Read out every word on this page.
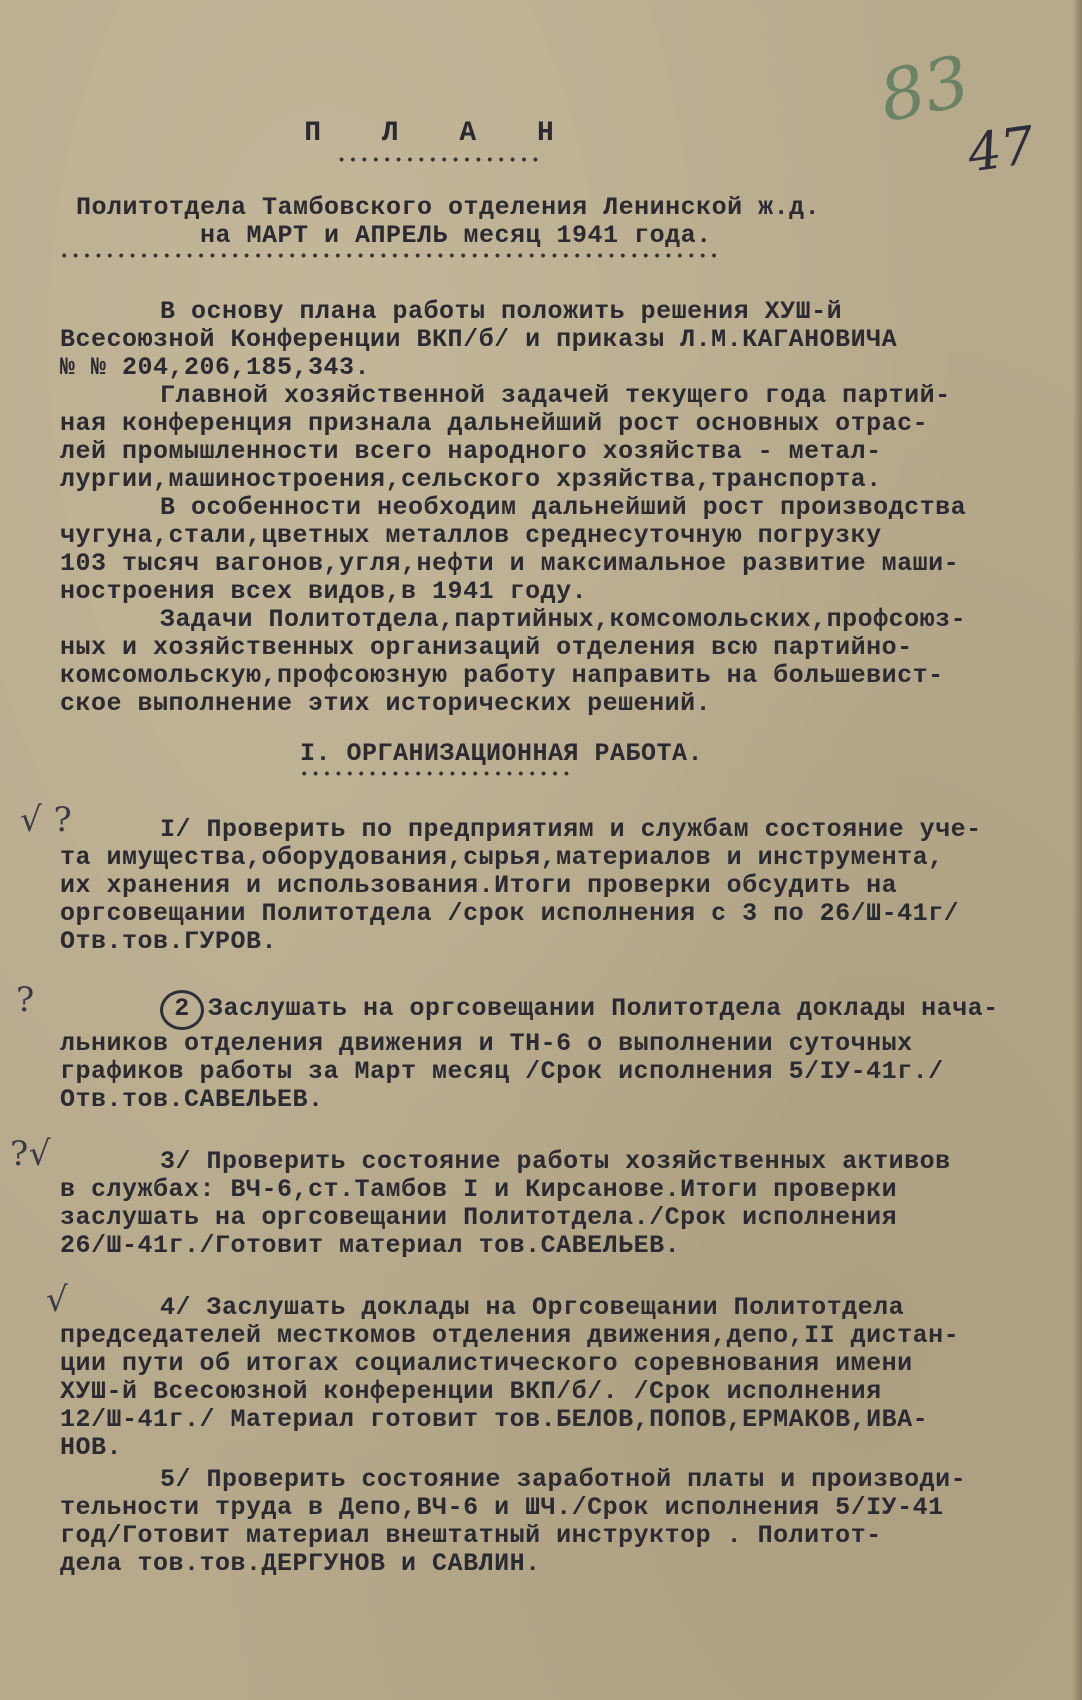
83
47
П Л А Н
••••••••••••••••••
Политотдела Тамбовского отделения Ленинской ж.д.
на МАРТ и АПРЕЛЬ месяц 1941 года.
••••••••••••••••••••••••••••••••••••••••••••••••••••••••••

В основу плана работы положить решения ХУШ-й

Всесоюзной Конференции ВКП/б/ и приказы Л.М.КАГАНОВИЧА

№ № 204,206,185,343.

Главной хозяйственной задачей текущего года партий-

ная конференция признала дальнейший рост основных отрас-

лей промышленности всего народного хозяйства - метал-

лургии,машиностроения,сельского хрзяйства,транспорта.

В особенности необходим дальнейший рост производства

чугуна,стали,цветных металлов среднесуточную погрузку

103 тысяч вагонов,угля,нефти и максимальное развитие маши-

ностроения всех видов,в 1941 году.

Задачи Политотдела,партийных,комсомольских,профсоюз-

ных и хозяйственных организаций отделения всю партийно-

комсомольскую,профсоюзную работу направить на большевист-

ское выполнение этих исторических решений.

I. ОРГАНИЗАЦИОННАЯ РАБОТА.
••••••••••••••••••••••••
√ ?	I/ Проверить по предприятиям и службам состояние уче-

та имущества,оборудования,сырья,материалов и инструмента,

их хранения и использования.Итоги проверки обсудить на

оргсовещании Политотдела /срок исполнения с 3 по 26/Ш-41г/

Отв.тов.ГУРОВ.

?	2 Заслушать на оргсовещании Политотдела доклады нача-

льников отделения движения и ТН-6 о выполнении суточных

графиков работы за Март месяц /Срок исполнения 5/IУ-41г./

Отв.тов.САВЕЛЬЕВ.

?√	3/ Проверить состояние работы хозяйственных активов

в службах: ВЧ-6,ст.Тамбов I и Кирсанове.Итоги проверки

заслушать на оргсовещании Политотдела./Срок исполнения

26/Ш-41г./Готовит материал тов.САВЕЛЬЕВ.

√	4/ Заслушать доклады на Оргсовещании Политотдела

председателей месткомов отделения движения,депо,II дистан-

ции пути об итогах социалистического соревнования имени

ХУШ-й Всесоюзной конференции ВКП/б/. /Срок исполнения

12/Ш-41г./ Материал готовит тов.БЕЛОВ,ПОПОВ,ЕРМАКОВ,ИВА-

НОВ.

5/ Проверить состояние заработной платы и производи-

тельности труда в Депо,ВЧ-6 и ШЧ./Срок исполнения 5/IУ-41

год/Готовит материал внештатный инструктор . Политот-

дела тов.тов.ДЕРГУНОВ и САВЛИН.
